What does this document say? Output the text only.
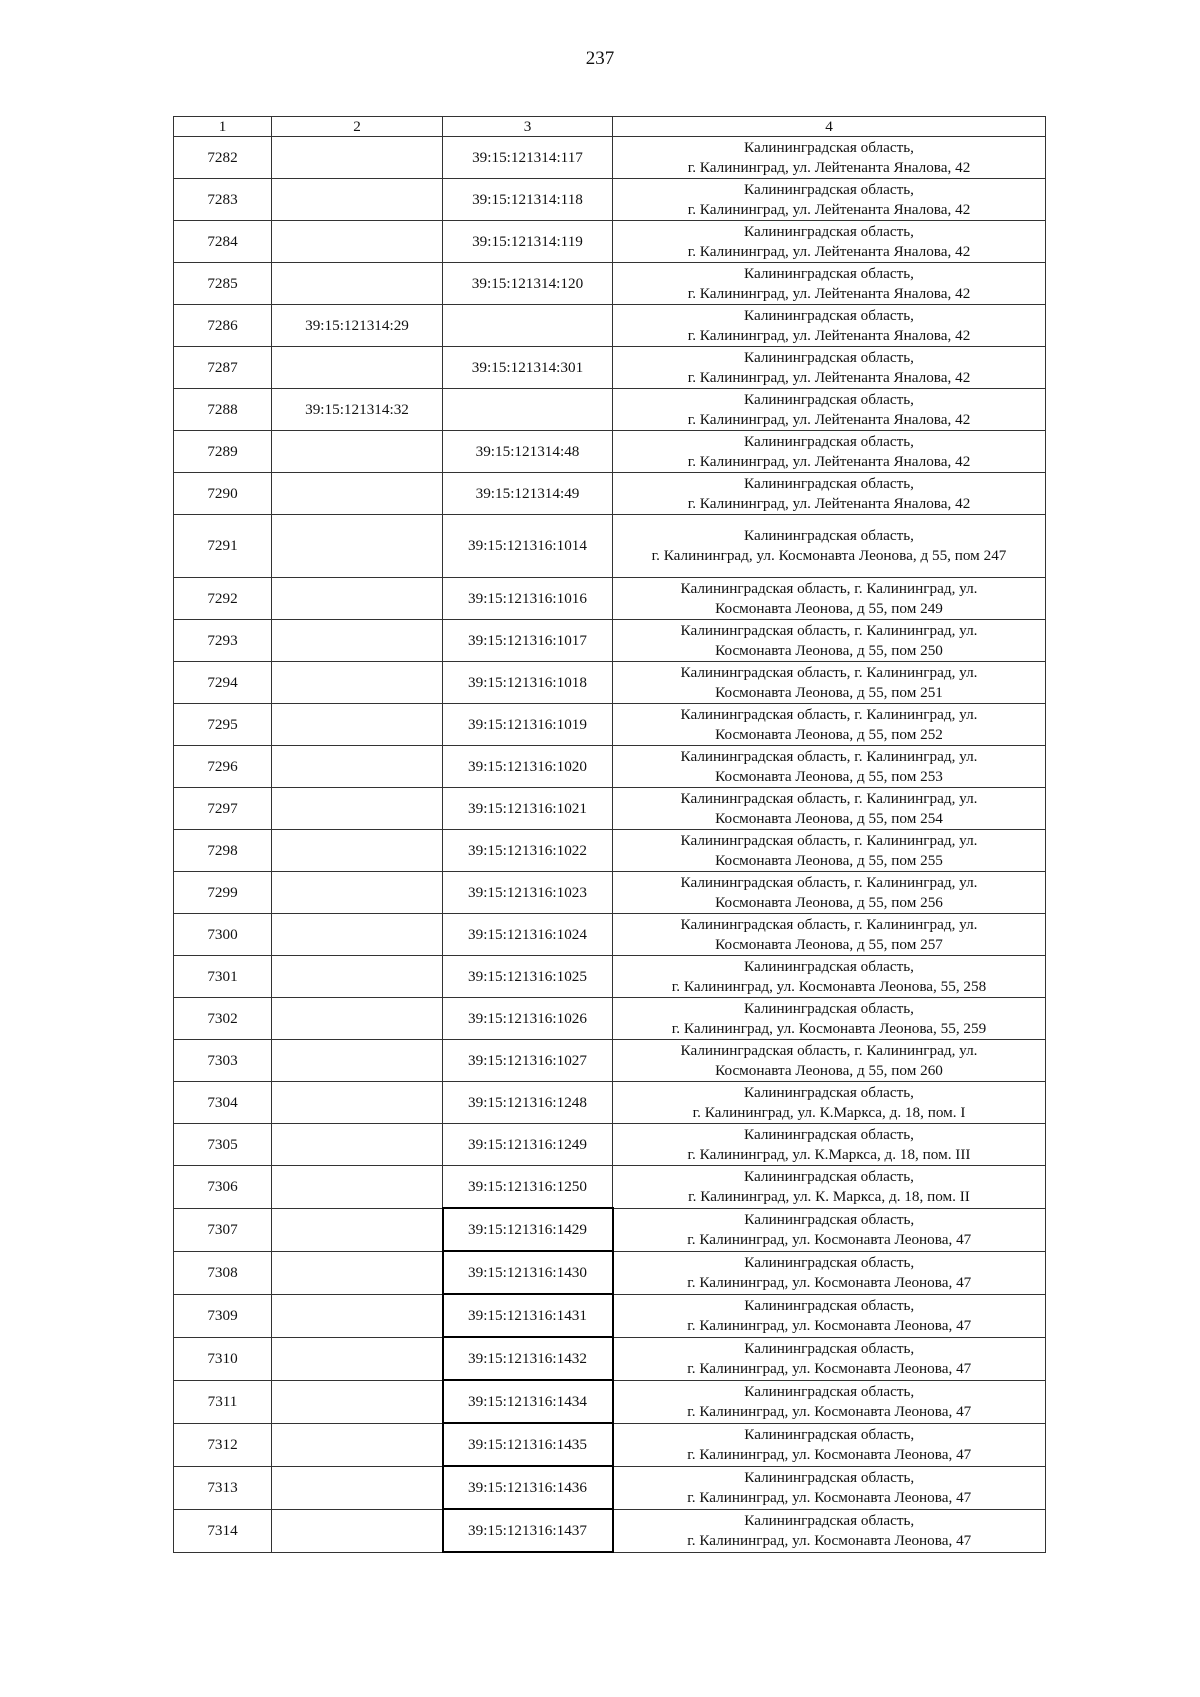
237
1	2	3	4
7282		39:15:121314:117	Калининградская область,
г. Калининград, ул. Лейтенанта Яналова, 42

7283		39:15:121314:118	Калининградская область,
г. Калининград, ул. Лейтенанта Яналова, 42

7284		39:15:121314:119	Калининградская область,
г. Калининград, ул. Лейтенанта Яналова, 42

7285		39:15:121314:120	Калининградская область,
г. Калининград, ул. Лейтенанта Яналова, 42

7286	39:15:121314:29		Калининградская область,
г. Калининград, ул. Лейтенанта Яналова, 42

7287		39:15:121314:301	Калининградская область,
г. Калининград, ул. Лейтенанта Яналова, 42

7288	39:15:121314:32		Калининградская область,
г. Калининград, ул. Лейтенанта Яналова, 42

7289		39:15:121314:48	Калининградская область,
г. Калининград, ул. Лейтенанта Яналова, 42

7290		39:15:121314:49	Калининградская область,
г. Калининград, ул. Лейтенанта Яналова, 42

7291		39:15:121316:1014	Калининградская область,
г. Калининград, ул. Космонавта Леонова, д 55, пом 247

7292		39:15:121316:1016	Калининградская область, г. Калининград, ул.
Космонавта Леонова, д 55, пом 249

7293		39:15:121316:1017	Калининградская область, г. Калининград, ул.
Космонавта Леонова, д 55, пом 250

7294		39:15:121316:1018	Калининградская область, г. Калининград, ул.
Космонавта Леонова, д 55, пом 251

7295		39:15:121316:1019	Калининградская область, г. Калининград, ул.
Космонавта Леонова, д 55, пом 252

7296		39:15:121316:1020	Калининградская область, г. Калининград, ул.
Космонавта Леонова, д 55, пом 253

7297		39:15:121316:1021	Калининградская область, г. Калининград, ул.
Космонавта Леонова, д 55, пом 254

7298		39:15:121316:1022	Калининградская область, г. Калининград, ул.
Космонавта Леонова, д 55, пом 255

7299		39:15:121316:1023	Калининградская область, г. Калининград, ул.
Космонавта Леонова, д 55, пом 256

7300		39:15:121316:1024	Калининградская область, г. Калининград, ул.
Космонавта Леонова, д 55, пом 257

7301		39:15:121316:1025	Калининградская область,
г. Калининград, ул. Космонавта Леонова, 55, 258

7302		39:15:121316:1026	Калининградская область,
г. Калининград, ул. Космонавта Леонова, 55, 259

7303		39:15:121316:1027	Калининградская область, г. Калининград, ул.
Космонавта Леонова, д 55, пом 260

7304		39:15:121316:1248	Калининградская область,
г. Калининград, ул. К.Маркса, д. 18, пом. I

7305		39:15:121316:1249	Калининградская область,
г. Калининград, ул. К.Маркса, д. 18, пом. III

7306		39:15:121316:1250	Калининградская область,
г. Калининград, ул. К. Маркса, д. 18, пом. II

7307		39:15:121316:1429	Калининградская область,
г. Калининград, ул. Космонавта Леонова, 47

7308		39:15:121316:1430	Калининградская область,
г. Калининград, ул. Космонавта Леонова, 47

7309		39:15:121316:1431	Калининградская область,
г. Калининград, ул. Космонавта Леонова, 47

7310		39:15:121316:1432	Калининградская область,
г. Калининград, ул. Космонавта Леонова, 47

7311		39:15:121316:1434	Калининградская область,
г. Калининград, ул. Космонавта Леонова, 47

7312		39:15:121316:1435	Калининградская область,
г. Калининград, ул. Космонавта Леонова, 47

7313		39:15:121316:1436	Калининградская область,
г. Калининград, ул. Космонавта Леонова, 47

7314		39:15:121316:1437	Калининградская область,
г. Калининград, ул. Космонавта Леонова, 47
